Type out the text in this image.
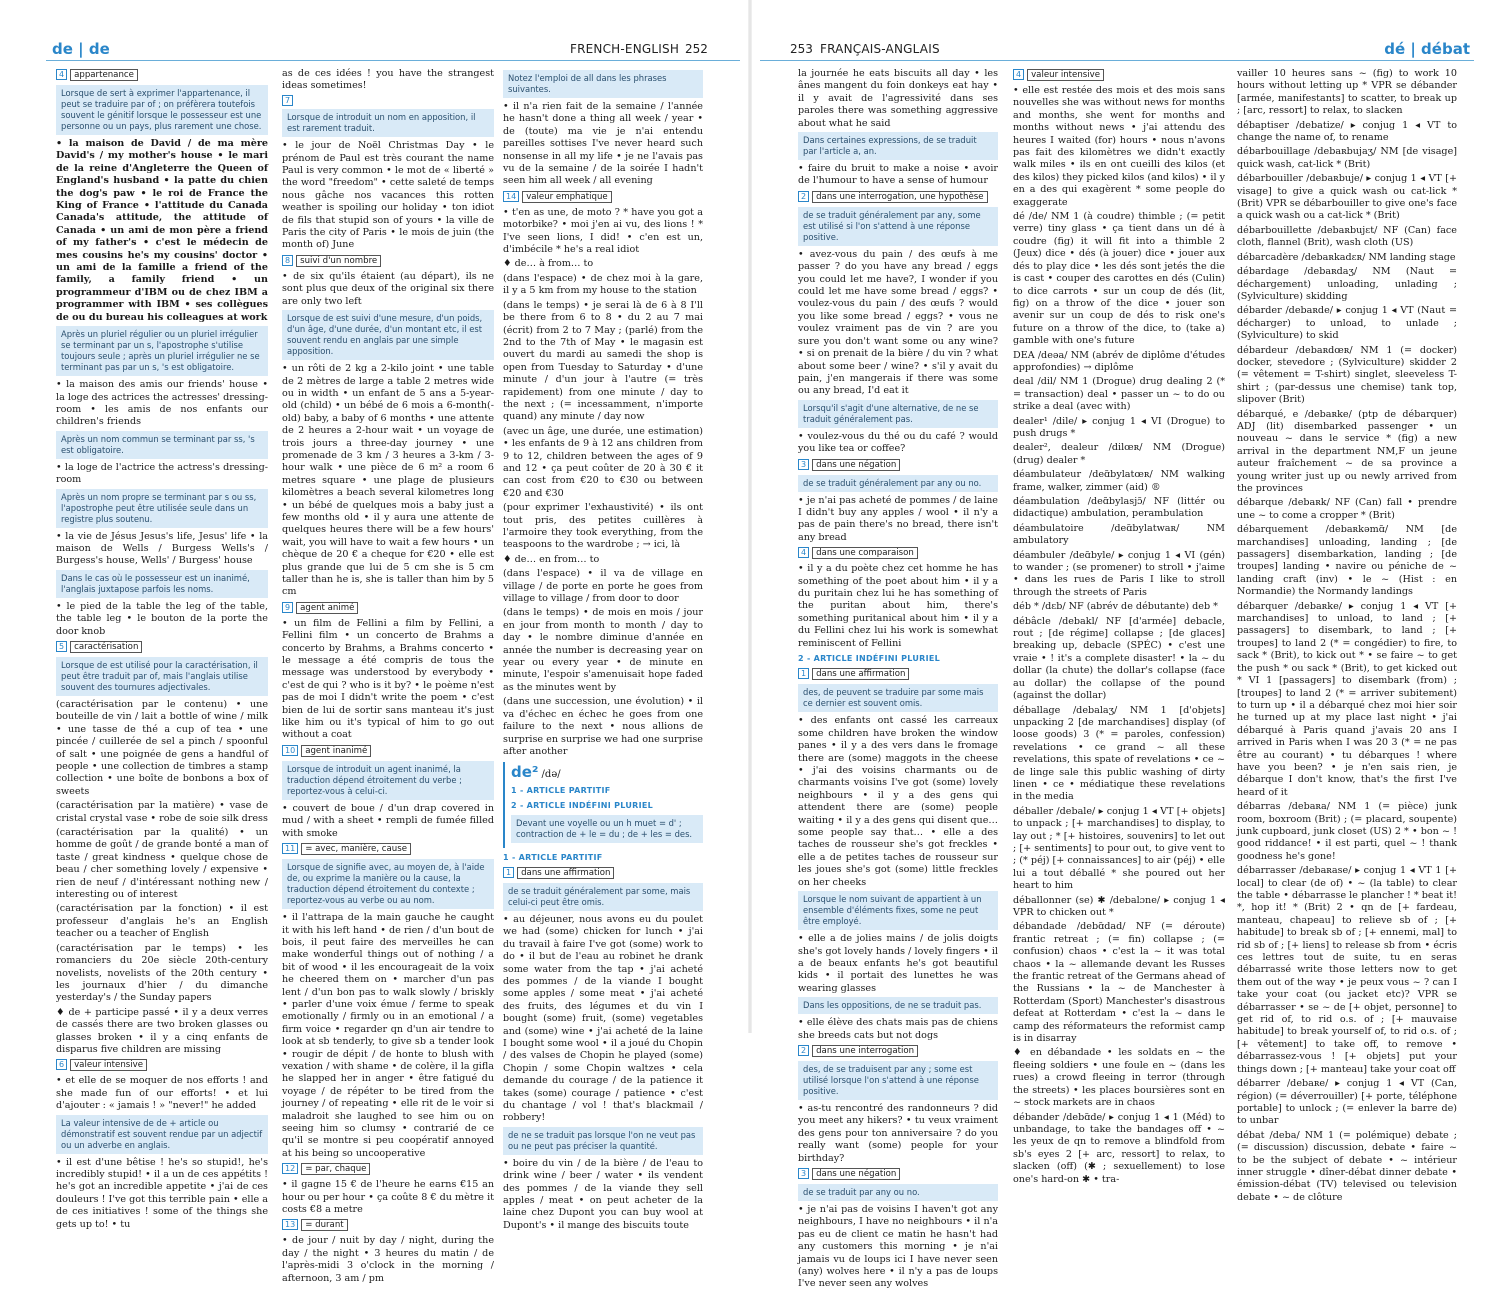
de | de	FRENCH-ENGLISH 252

4 appartenance

Lorsque de sert à exprimer l'appartenance, il peut se traduire par of ; on préfèrera toutefois souvent le génitif lorsque le possesseur est une personne ou un pays, plus rarement une chose.

• la maison de David / de ma mère David's / my mother's house • le mari de la reine d'Angleterre the Queen of England's husband • la patte du chien the dog's paw • le roi de France the King of France • l'attitude du Canada Canada's attitude, the attitude of Canada • un ami de mon père a friend of my father's • c'est le médecin de mes cousins he's my cousins' doctor • un ami de la famille a friend of the family, a family friend • un programmeur d'IBM ou de chez IBM a programmer with IBM • ses collègues de ou du bureau his colleagues at work

Après un pluriel régulier ou un pluriel irrégulier se terminant par un s, l'apostrophe s'utilise toujours seule ; après un pluriel irrégulier ne se terminant pas par un s, 's est obligatoire.

• la maison des amis our friends' house • la loge des actrices the actresses' dressing-room • les amis de nos enfants our children's friends

Après un nom commun se terminant par ss, 's est obligatoire.

• la loge de l'actrice the actress's dressing-room

Après un nom propre se terminant par s ou ss, l'apostrophe peut être utilisée seule dans un registre plus soutenu.

• la vie de Jésus Jesus's life, Jesus' life • la maison de Wells / Burgess Wells's / Burgess's house, Wells' / Burgess' house

Dans le cas où le possesseur est un inanimé, l'anglais juxtapose parfois les noms.

• le pied de la table the leg of the table, the table leg • le bouton de la porte the door knob

5 caractérisation

Lorsque de est utilisé pour la caractérisation, il peut être traduit par of, mais l'anglais utilise souvent des tournures adjectivales.

(caractérisation par le contenu) • une bouteille de vin / lait a bottle of wine / milk • une tasse de thé a cup of tea • une pincée / cuillerée de sel a pinch / spoonful of salt • une poignée de gens a handful of people • une collection de timbres a stamp collection • une boîte de bonbons a box of sweets

(caractérisation par la matière) • vase de cristal crystal vase • robe de soie silk dress

(caractérisation par la qualité) • un homme de goût / de grande bonté a man of taste / great kindness • quelque chose de beau / cher something lovely / expensive • rien de neuf / d'intéressant nothing new / interesting ou of interest

(caractérisation par la fonction) • il est professeur d'anglais he's an English teacher ou a teacher of English

(caractérisation par le temps) • les romanciers du 20e siècle 20th-century novelists, novelists of the 20th century • les journaux d'hier / du dimanche yesterday's / the Sunday papers

♦ de + participe passé • il y a deux verres de cassés there are two broken glasses ou glasses broken • il y a cinq enfants de disparus five children are missing

6 valeur intensive

• et elle de se moquer de nos efforts ! and she made fun of our efforts! • et lui d'ajouter : « jamais ! » "never!" he added

La valeur intensive de de + article ou démonstratif est souvent rendue par un adjectif ou un adverbe en anglais.

• il est d'une bêtise ! he's so stupid!, he's incredibly stupid! • il a un de ces appétits ! he's got an incredible appetite • j'ai de ces douleurs ! I've got this terrible pain • elle a de ces initiatives ! some of the things she gets up to! • tu

as de ces idées ! you have the strangest ideas sometimes!

7

Lorsque de introduit un nom en apposition, il est rarement traduit.

• le jour de Noël Christmas Day • le prénom de Paul est très courant the name Paul is very common • le mot de « liberté » the word "freedom" • cette saleté de temps nous gâche nos vacances this rotten weather is spoiling our holiday • ton idiot de fils that stupid son of yours • la ville de Paris the city of Paris • le mois de juin (the month of) June

8 suivi d'un nombre

• de six qu'ils étaient (au départ), ils ne sont plus que deux of the original six there are only two left

Lorsque de est suivi d'une mesure, d'un poids, d'un âge, d'une durée, d'un montant etc, il est souvent rendu en anglais par une simple apposition.

• un rôti de 2 kg a 2-kilo joint • une table de 2 mètres de large a table 2 metres wide ou in width • un enfant de 5 ans a 5-year-old (child) • un bébé de 6 mois a 6-month(-old) baby, a baby of 6 months • une attente de 2 heures a 2-hour wait • un voyage de trois jours a three-day journey • une promenade de 3 km / 3 heures a 3-km / 3-hour walk • une pièce de 6 m² a room 6 metres square • une plage de plusieurs kilomètres a beach several kilometres long • un bébé de quelques mois a baby just a few months old • il y aura une attente de quelques heures there will be a few hours' wait, you will have to wait a few hours • un chèque de 20 € a cheque for €20 • elle est plus grande que lui de 5 cm she is 5 cm taller than he is, she is taller than him by 5 cm

9 agent animé

• un film de Fellini a film by Fellini, a Fellini film • un concerto de Brahms a concerto by Brahms, a Brahms concerto • le message a été compris de tous the message was understood by everybody • c'est de qui ? who is it by? • le poème n'est pas de moi I didn't write the poem • c'est bien de lui de sortir sans manteau it's just like him ou it's typical of him to go out without a coat

10 agent inanimé

Lorsque de introduit un agent inanimé, la traduction dépend étroitement du verbe ; reportez-vous à celui-ci.

• couvert de boue / d'un drap covered in mud / with a sheet • rempli de fumée filled with smoke

11 = avec, manière, cause

Lorsque de signifie avec, au moyen de, à l'aide de, ou exprime la manière ou la cause, la traduction dépend étroitement du contexte ; reportez-vous au verbe ou au nom.

• il l'attrapa de la main gauche he caught it with his left hand • de rien / d'un bout de bois, il peut faire des merveilles he can make wonderful things out of nothing / a bit of wood • il les encourageait de la voix he cheered them on • marcher d'un pas lent / d'un bon pas to walk slowly / briskly • parler d'une voix émue / ferme to speak emotionally / firmly ou in an emotional / a firm voice • regarder qn d'un air tendre to look at sb tenderly, to give sb a tender look • rougir de dépit / de honte to blush with vexation / with shame • de colère, il la gifla he slapped her in anger • être fatigué du voyage / de répéter to be tired from the journey / of repeating • elle rit de le voir si maladroit she laughed to see him ou on seeing him so clumsy • contrarié de ce qu'il se montre si peu coopératif annoyed at his being so uncooperative

12 = par, chaque

• il gagne 15 € de l'heure he earns €15 an hour ou per hour • ça coûte 8 € du mètre it costs €8 a metre

13 = durant

• de jour / nuit by day / night, during the day / the night • 3 heures du matin / de l'après-midi 3 o'clock in the morning / afternoon, 3 am / pm

Notez l'emploi de all dans les phrases suivantes.

• il n'a rien fait de la semaine / l'année he hasn't done a thing all week / year • de (toute) ma vie je n'ai entendu pareilles sottises I've never heard such nonsense in all my life • je ne l'avais pas vu de la semaine / de la soirée I hadn't seen him all week / all evening

14 valeur emphatique

• t'en as une, de moto ? * have you got a motorbike? • moi j'en ai vu, des lions ! * I've seen lions, I did! • c'en est un, d'imbécile * he's a real idiot

♦ de… à from… to

(dans l'espace) • de chez moi à la gare, il y a 5 km from my house to the station

(dans le temps) • je serai là de 6 à 8 I'll be there from 6 to 8 • du 2 au 7 mai (écrit) from 2 to 7 May ; (parlé) from the 2nd to the 7th of May • le magasin est ouvert du mardi au samedi the shop is open from Tuesday to Saturday • d'une minute / d'un jour à l'autre (= très rapidement) from one minute / day to the next ; (= incessamment, n'importe quand) any minute / day now

(avec un âge, une durée, une estimation) • les enfants de 9 à 12 ans children from 9 to 12, children between the ages of 9 and 12 • ça peut coûter de 20 à 30 € it can cost from €20 to €30 ou between €20 and €30

(pour exprimer l'exhaustivité) • ils ont tout pris, des petites cuillères à l'armoire they took everything, from the teaspoons to the wardrobe ; → ici, là

♦ de… en from… to

(dans l'espace) • il va de village en village / de porte en porte he goes from village to village / from door to door

(dans le temps) • de mois en mois / jour en jour from month to month / day to day • le nombre diminue d'année en année the number is decreasing year on year ou every year • de minute en minute, l'espoir s'amenuisait hope faded as the minutes went by

(dans une succession, une évolution) • il va d'échec en échec he goes from one failure to the next • nous allions de surprise en surprise we had one surprise after another

de² /də/
1 - ARTICLE PARTITIF
2 - ARTICLE INDÉFINI PLURIEL
Devant une voyelle ou un h muet = d' ; contraction de + le = du ; de + les = des.
1 - ARTICLE PARTITIF

1 dans une affirmation

de se traduit généralement par some, mais celui-ci peut être omis.

• au déjeuner, nous avons eu du poulet we had (some) chicken for lunch • j'ai du travail à faire I've got (some) work to do • il but de l'eau au robinet he drank some water from the tap • j'ai acheté des pommes / de la viande I bought some apples / some meat • j'ai acheté des fruits, des légumes et du vin I bought (some) fruit, (some) vegetables and (some) wine • j'ai acheté de la laine I bought some wool • il a joué du Chopin / des valses de Chopin he played (some) Chopin / some Chopin waltzes • cela demande du courage / de la patience it takes (some) courage / patience • c'est du chantage / vol ! that's blackmail / robbery!

de ne se traduit pas lorsque l'on ne veut pas ou ne peut pas préciser la quantité.

• boire du vin / de la bière / de l'eau to drink wine / beer / water • ils vendent des pommes / de la viande they sell apples / meat • on peut acheter de la laine chez Dupont you can buy wool at Dupont's • il mange des biscuits toute

253 FRANÇAIS-ANGLAIS	dé | débat

la journée he eats biscuits all day • les ânes mangent du foin donkeys eat hay • il y avait de l'agressivité dans ses paroles there was something aggressive about what he said

Dans certaines expressions, de se traduit par l'article a, an.

• faire du bruit to make a noise • avoir de l'humour to have a sense of humour

2 dans une interrogation, une hypothèse

de se traduit généralement par any, some est utilisé si l'on s'attend à une réponse positive.

• avez-vous du pain / des œufs à me passer ? do you have any bread / eggs you could let me have?, I wonder if you could let me have some bread / eggs? • voulez-vous du pain / des œufs ? would you like some bread / eggs? • vous ne voulez vraiment pas de vin ? are you sure you don't want some ou any wine? • si on prenait de la bière / du vin ? what about some beer / wine? • s'il y avait du pain, j'en mangerais if there was some ou any bread, I'd eat it

Lorsqu'il s'agit d'une alternative, de ne se traduit généralement pas.

• voulez-vous du thé ou du café ? would you like tea or coffee?

3 dans une négation

de se traduit généralement par any ou no.

• je n'ai pas acheté de pommes / de laine I didn't buy any apples / wool • il n'y a pas de pain there's no bread, there isn't any bread

4 dans une comparaison

• il y a du poète chez cet homme he has something of the poet about him • il y a du puritain chez lui he has something of the puritan about him, there's something puritanical about him • il y a du Fellini chez lui his work is somewhat reminiscent of Fellini

2 - ARTICLE INDÉFINI PLURIEL

1 dans une affirmation

des, de peuvent se traduire par some mais ce dernier est souvent omis.

• des enfants ont cassé les carreaux some children have broken the window panes • il y a des vers dans le fromage there are (some) maggots in the cheese • j'ai des voisins charmants ou de charmants voisins I've got (some) lovely neighbours • il y a des gens qui attendent there are (some) people waiting • il y a des gens qui disent que… some people say that… • elle a des taches de rousseur she's got freckles • elle a de petites taches de rousseur sur les joues she's got (some) little freckles on her cheeks

Lorsque le nom suivant de appartient à un ensemble d'éléments fixes, some ne peut être employé.

• elle a de jolies mains / de jolis doigts she's got lovely hands / lovely fingers • il a de beaux enfants he's got beautiful kids • il portait des lunettes he was wearing glasses

Dans les oppositions, de ne se traduit pas.

• elle élève des chats mais pas de chiens she breeds cats but not dogs

2 dans une interrogation

des, de se traduisent par any ; some est utilisé lorsque l'on s'attend à une réponse positive.

• as-tu rencontré des randonneurs ? did you meet any hikers? • tu veux vraiment des gens pour ton anniversaire ? do you really want (some) people for your birthday?

3 dans une négation

de se traduit par any ou no.

• je n'ai pas de voisins I haven't got any neighbours, I have no neighbours • il n'a pas eu de client ce matin he hasn't had any customers this morning • je n'ai jamais vu de loups ici I have never seen (any) wolves here • il n'y a pas de loups I've never seen any wolves

4 valeur intensive

• elle est restée des mois et des mois sans nouvelles she was without news for months and months, she went for months and months without news • j'ai attendu des heures I waited (for) hours • nous n'avons pas fait des kilomètres we didn't exactly walk miles • ils en ont cueilli des kilos (et des kilos) they picked kilos (and kilos) • il y en a des qui exagèrent * some people do exaggerate

dé /de/ NM 1 (à coudre) thimble ; (= petit verre) tiny glass • ça tient dans un dé à coudre (fig) it will fit into a thimble 2 (Jeux) dice • dés (à jouer) dice • jouer aux dés to play dice • les dés sont jetés the die is cast • couper des carottes en dés (Culin) to dice carrots • sur un coup de dés (lit, fig) on a throw of the dice • jouer son avenir sur un coup de dés to risk one's future on a throw of the dice, to (take a) gamble with one's future

DEA /deəa/ NM (abrév de diplôme d'études approfondies) → diplôme

deal /dil/ NM 1 (Drogue) drug dealing 2 (* = transaction) deal • passer un ~ to do ou strike a deal (avec with)

dealer¹ /dile/ ▸ conjug 1 ◂ VI (Drogue) to push drugs *

dealer², dealeur /dilœʀ/ NM (Drogue) (drug) dealer *

déambulateur /deɑ̃bylatœʀ/ NM walking frame, walker, zimmer (aid) ®

déambulation /deɑ̃bylasjɔ̃/ NF (littér ou didactique) ambulation, perambulation

déambulatoire /deɑ̃bylatwaʀ/ NM ambulatory

déambuler /deɑ̃byle/ ▸ conjug 1 ◂ VI (gén) to wander ; (se promener) to stroll • j'aime • dans les rues de Paris I like to stroll through the streets of Paris

déb * /dɛb/ NF (abrév de débutante) deb *

débâcle /debakl/ NF [d'armée] debacle, rout ; [de régime] collapse ; [de glaces] breaking up, debacle (SPÉC) • c'est une vraie • ! it's a complete disaster! • la ~ du dollar (la chute) the dollar's collapse (face au dollar) the collapse of the pound (against the dollar)

déballage /debalaʒ/ NM 1 [d'objets] unpacking 2 [de marchandises] display (of loose goods) 3 (* = paroles, confession) revelations • ce grand ~ all these revelations, this spate of revelations • ce ~ de linge sale this public washing of dirty linen • ce • médiatique these revelations in the media

déballer /debale/ ▸ conjug 1 ◂ VT [+ objets] to unpack ; [+ marchandises] to display, to lay out ; * [+ histoires, souvenirs] to let out ; [+ sentiments] to pour out, to give vent to ; (* péj) [+ connaissances] to air (péj) • elle lui a tout déballé * she poured out her heart to him

déballonner (se) ✱ /debalɔne/ ▸ conjug 1 ◂ VPR to chicken out *

débandade /debɑ̃dad/ NF (= déroute) frantic retreat ; (= fin) collapse ; (= confusion) chaos • c'est la ~ it was total chaos • la ~ allemande devant les Russes the frantic retreat of the Germans ahead of the Russians • la ~ de Manchester à Rotterdam (Sport) Manchester's disastrous defeat at Rotterdam • c'est la ~ dans le camp des réformateurs the reformist camp is in disarray

♦ en débandade • les soldats en ~ the fleeing soldiers • une foule en ~ (dans les rues) a crowd fleeing in terror (through the streets) • les places boursières sont en ~ stock markets are in chaos

débander /debɑ̃de/ ▸ conjug 1 ◂ 1 (Méd) to unbandage, to take the bandages off • ~ les yeux de qn to remove a blindfold from sb's eyes 2 [+ arc, ressort] to relax, to slacken (off) (✱ ; sexuellement) to lose one's hard-on ✱ • tra-

vailler 10 heures sans ~ (fig) to work 10 hours without letting up * VPR se débander [armée, manifestants] to scatter, to break up ; [arc, ressort] to relax, to slacken

débaptiser /debatize/ ▸ conjug 1 ◂ VT to change the name of, to rename

débarbouillage /debaʀbujaʒ/ NM [de visage] quick wash, cat-lick * (Brit)

débarbouiller /debaʀbuje/ ▸ conjug 1 ◂ VT [+ visage] to give a quick wash ou cat-lick * (Brit) VPR se débarbouiller to give one's face a quick wash ou a cat-lick * (Brit)

débarbouillette /debaʀbujɛt/ NF (Can) face cloth, flannel (Brit), wash cloth (US)

débarcadère /debaʀkadɛʀ/ NM landing stage

débardage /debaʀdaʒ/ NM (Naut = déchargement) unloading, unlading ; (Sylviculture) skidding

débarder /debaʀde/ ▸ conjug 1 ◂ VT (Naut = décharger) to unload, to unlade ; (Sylviculture) to skid

débardeur /debaʀdœʀ/ NM 1 (= docker) docker, stevedore ; (Sylviculture) skidder 2 (= vêtement = T-shirt) singlet, sleeveless T-shirt ; (par-dessus une chemise) tank top, slipover (Brit)

débarqué, e /debaʀke/ (ptp de débarquer) ADJ (lit) disembarked passenger • un nouveau ~ dans le service * (fig) a new arrival in the department NM,F un jeune auteur fraîchement ~ de sa province a young writer just up ou newly arrived from the provinces

débarque /debaʀk/ NF (Can) fall • prendre une ~ to come a cropper * (Brit)

débarquement /debaʀkəmɑ̃/ NM [de marchandises] unloading, landing ; [de passagers] disembarkation, landing ; [de troupes] landing • navire ou péniche de ~ landing craft (inv) • le ~ (Hist : en Normandie) the Normandy landings

débarquer /debaʀke/ ▸ conjug 1 ◂ VT [+ marchandises] to unload, to land ; [+ passagers] to disembark, to land ; [+ troupes] to land 2 (* = congédier) to fire, to sack * (Brit), to kick out * • se faire ~ to get the push * ou sack * (Brit), to get kicked out * VI 1 [passagers] to disembark (from) ; [troupes] to land 2 (* = arriver subitement) to turn up • il a débarqué chez moi hier soir he turned up at my place last night • j'ai débarqué à Paris quand j'avais 20 ans I arrived in Paris when I was 20 3 (* = ne pas être au courant) • tu débarques ! where have you been? • je n'en sais rien, je débarque I don't know, that's the first I've heard of it

débarras /debaʀa/ NM 1 (= pièce) junk room, boxroom (Brit) ; (= placard, soupente) junk cupboard, junk closet (US) 2 * • bon ~ ! good riddance! • il est parti, quel ~ ! thank goodness he's gone!

débarrasser /debaʀase/ ▸ conjug 1 ◂ VT 1 [+ local] to clear (de of) • ~ (la table) to clear the table • débarrasse le plancher ! * beat it! *, hop it! * (Brit) 2 • qn de [+ fardeau, manteau, chapeau] to relieve sb of ; [+ habitude] to break sb of ; [+ ennemi, mal] to rid sb of ; [+ liens] to release sb from • écris ces lettres tout de suite, tu en seras débarrassé write those letters now to get them out of the way • je peux vous ~ ? can I take your coat (ou jacket etc)? VPR se débarrasser • se ~ de [+ objet, personne] to get rid of, to rid o.s. of ; [+ mauvaise habitude] to break yourself of, to rid o.s. of ; [+ vêtement] to take off, to remove • débarrassez-vous ! [+ objets] put your things down ; [+ manteau] take your coat off

débarrer /debaʀe/ ▸ conjug 1 ◂ VT (Can, région) (= déverrouiller) [+ porte, téléphone portable] to unlock ; (= enlever la barre de) to unbar

débat /deba/ NM 1 (= polémique) debate ; (= discussion) discussion, debate • faire ~ to be the subject of debate • ~ intérieur inner struggle • dîner-débat dinner debate • émission-débat (TV) televised ou television debate • ~ de clôture
